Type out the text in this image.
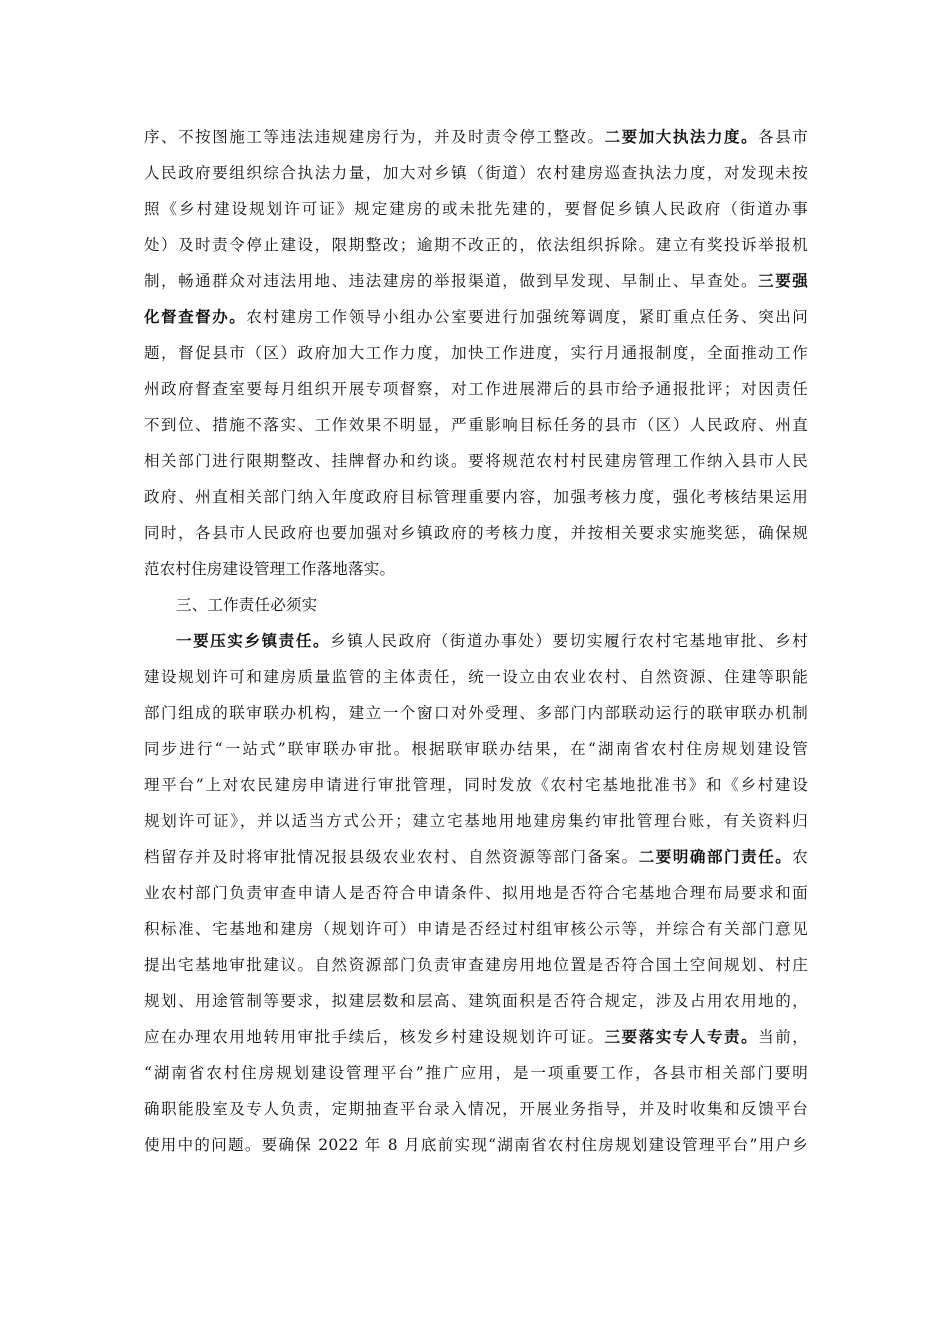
序、不按图施工等违法违规建房行为，并及时责令停工整改。二要加大执法力度。各县市
人民政府要组织综合执法力量，加大对乡镇（街道）农村建房巡查执法力度，对发现未按
照《乡村建设规划许可证》规定建房的或未批先建的，要督促乡镇人民政府（街道办事
处）及时责令停止建设，限期整改；逾期不改正的，依法组织拆除。建立有奖投诉举报机
制，畅通群众对违法用地、违法建房的举报渠道，做到早发现、早制止、早查处。三要强
化督查督办。农村建房工作领导小组办公室要进行加强统筹调度，紧盯重点任务、突出问
题，督促县市（区）政府加大工作力度，加快工作进度，实行月通报制度，全面推动工作
州政府督查室要每月组织开展专项督察，对工作进展滞后的县市给予通报批评；对因责任
不到位、措施不落实、工作效果不明显，严重影响目标任务的县市（区）人民政府、州直
相关部门进行限期整改、挂牌督办和约谈。要将规范农村村民建房管理工作纳入县市人民
政府、州直相关部门纳入年度政府目标管理重要内容，加强考核力度，强化考核结果运用
同时，各县市人民政府也要加强对乡镇政府的考核力度，并按相关要求实施奖惩，确保规
范农村住房建设管理工作落地落实。
三、工作责任必须实
一要压实乡镇责任。乡镇人民政府（街道办事处）要切实履行农村宅基地审批、乡村
建设规划许可和建房质量监管的主体责任，统一设立由农业农村、自然资源、住建等职能
部门组成的联审联办机构，建立一个窗口对外受理、多部门内部联动运行的联审联办机制
同步进行“一站式”联审联办审批。根据联审联办结果，在“湖南省农村住房规划建设管
理平台”上对农民建房申请进行审批管理，同时发放《农村宅基地批准书》和《乡村建设
规划许可证》，并以适当方式公开；建立宅基地用地建房集约审批管理台账，有关资料归
档留存并及时将审批情况报县级农业农村、自然资源等部门备案。二要明确部门责任。农
业农村部门负责审查申请人是否符合申请条件、拟用地是否符合宅基地合理布局要求和面
积标准、宅基地和建房（规划许可）申请是否经过村组审核公示等，并综合有关部门意见
提出宅基地审批建议。自然资源部门负责审查建房用地位置是否符合国土空间规划、村庄
规划、用途管制等要求，拟建层数和层高、建筑面积是否符合规定，涉及占用农用地的，
应在办理农用地转用审批手续后，核发乡村建设规划许可证。三要落实专人专责。当前，
“湖南省农村住房规划建设管理平台”推广应用，是一项重要工作，各县市相关部门要明
确职能股室及专人负责，定期抽查平台录入情况，开展业务指导，并及时收集和反馈平台
使用中的问题。要确保 2022 年 8 月底前实现“湖南省农村住房规划建设管理平台”用户乡
